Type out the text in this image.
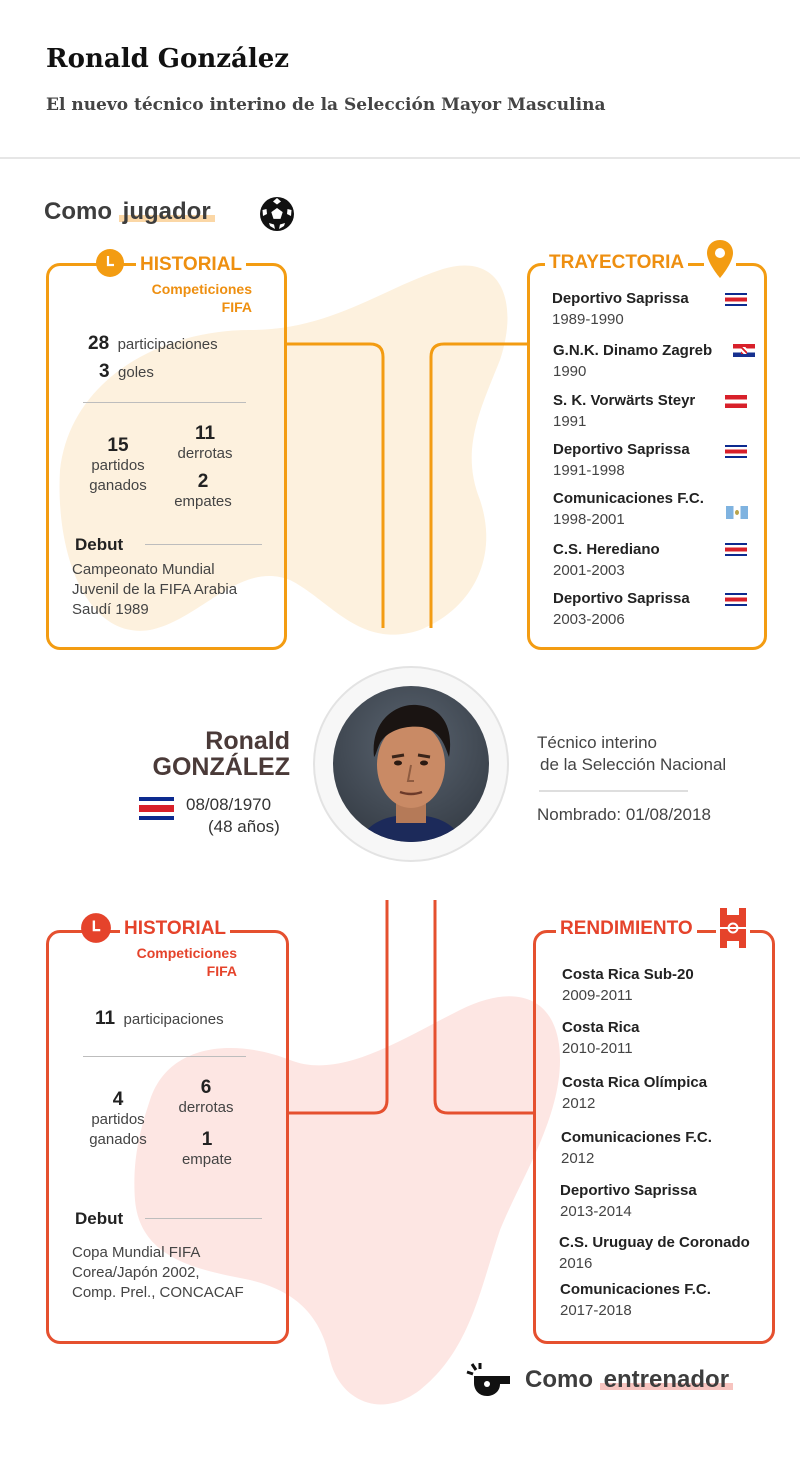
Ronald González
El nuevo técnico interino de la Selección Mayor Masculina
Como jugador
HISTORIAL
Competiciones
FIFA
28 participaciones
3 goles
15
partidos
ganados
11
derrotas
2
empates
Debut
Campeonato Mundial
Juvenil de la FIFA Arabia
Saudí 1989
TRAYECTORIA
Deportivo Saprissa
1989-1990
G.N.K. Dinamo Zagreb
1990
S. K. Vorwärts Steyr
1991
Deportivo Saprissa
1991-1998
Comunicaciones F.C.
1998-2001
C.S. Herediano
2001-2003
Deportivo Saprissa
2003-2006
Ronald
GONZÁLEZ
08/08/1970
(48 años)
Técnico interino
de la Selección Nacional
Nombrado: 01/08/2018
HISTORIAL
Competiciones
FIFA
11 participaciones
4
partidos
ganados
6
derrotas
1
empate
Debut
Copa Mundial FIFA
Corea/Japón 2002,
Comp. Prel., CONCACAF
RENDIMIENTO
Costa Rica Sub-20
2009-2011
Costa Rica
2010-2011
Costa Rica Olímpica
2012
Comunicaciones F.C.
2012
Deportivo Saprissa
2013-2014
C.S. Uruguay de Coronado
2016
Comunicaciones F.C.
2017-2018
Como entrenador
